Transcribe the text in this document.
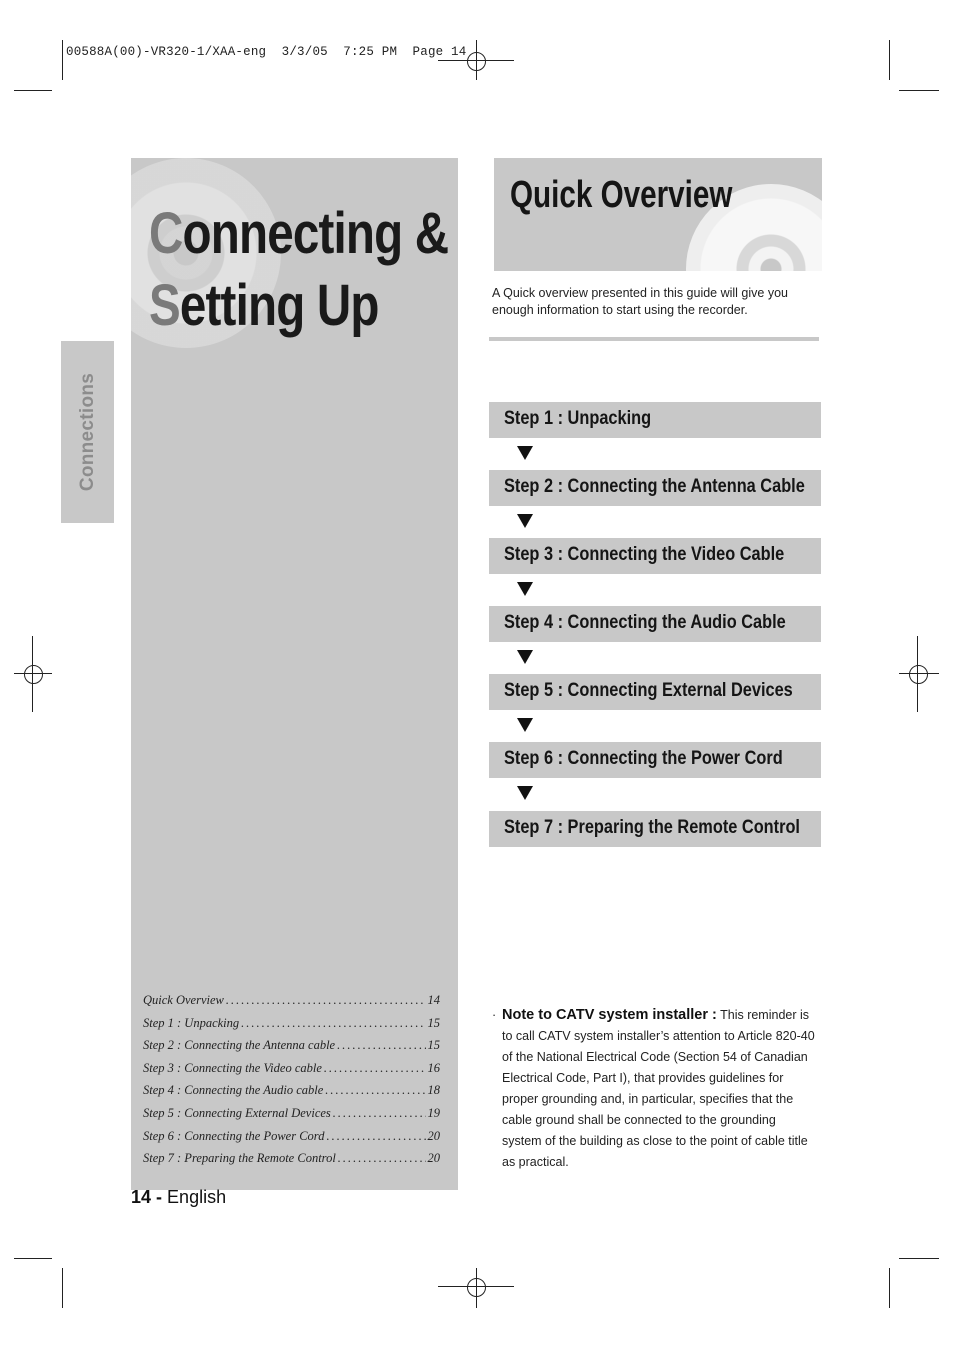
00588A(00)-VR320-1/XAA-eng  3/3/05  7:25 PM  Page 14
Connections
Connecting &
Setting Up
Quick Overview .....	14
Step 1 : Unpacking .....	15
Step 2 : Connecting the Antenna cable .....	15
Step 3 : Connecting the Video cable .....	16
Step 4 : Connecting the Audio cable .....	18
Step 5 : Connecting External Devices .....	19
Step 6 : Connecting the Power Cord .....	20
Step 7 : Preparing the Remote Control .....	20
14 - English
Quick Overview
A Quick overview presented in this guide will give you enough information to start using the recorder.
Step 1 : Unpacking
Step 2 : Connecting the Antenna Cable
Step 3 : Connecting the Video Cable
Step 4 : Connecting the Audio Cable
Step 5 : Connecting External Devices
Step 6 : Connecting the Power Cord
Step 7 : Preparing the Remote Control
· Note to CATV system installer : This reminder is to call CATV system installer’s attention to Article 820-40 of the National Electrical Code (Section 54 of Canadian Electrical Code, Part I), that provides guidelines for proper grounding and, in particular, specifies that the cable ground shall be connected to the grounding system of the building as close to the point of cable title as practical.
